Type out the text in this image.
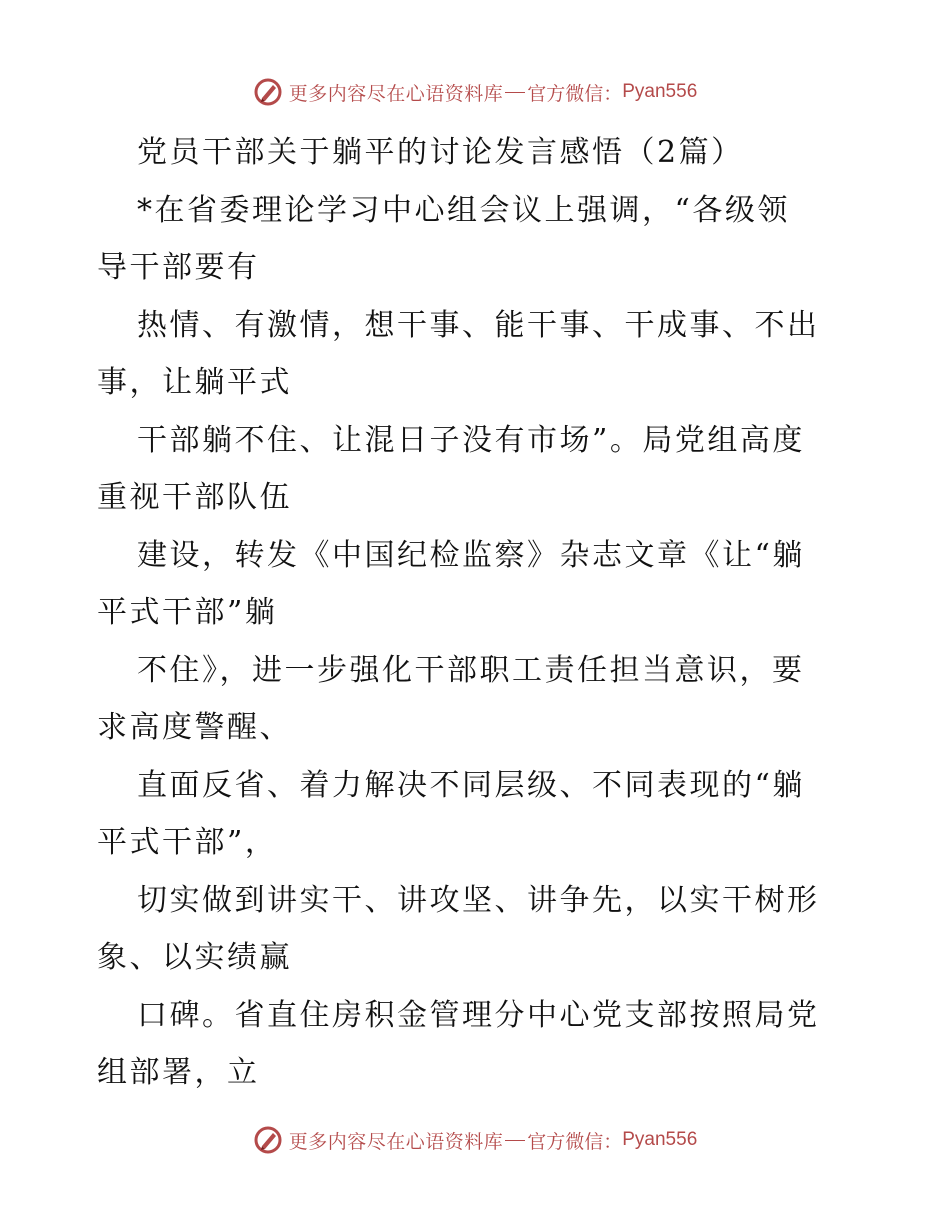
更多内容尽在心语资料库 官方微信： Pyan556
党员干部关于躺平的讨论发言感悟（2篇）
*在省委理论学习中心组会议上强调，“各级领
导干部要有
热情、有激情，想干事、能干事、干成事、不出
事，让躺平式
干部躺不住、让混日子没有市场”。局党组高度
重视干部队伍
建设，转发《中国纪检监察》杂志文章《让“躺
平式干部”躺
不住》，进一步强化干部职工责任担当意识，要
求高度警醒、
直面反省、着力解决不同层级、不同表现的“躺
平式干部”，
切实做到讲实干、讲攻坚、讲争先，以实干树形
象、以实绩赢
口碑。省直住房积金管理分中心党支部按照局党
组部署，立
更多内容尽在心语资料库 官方微信： Pyan556
